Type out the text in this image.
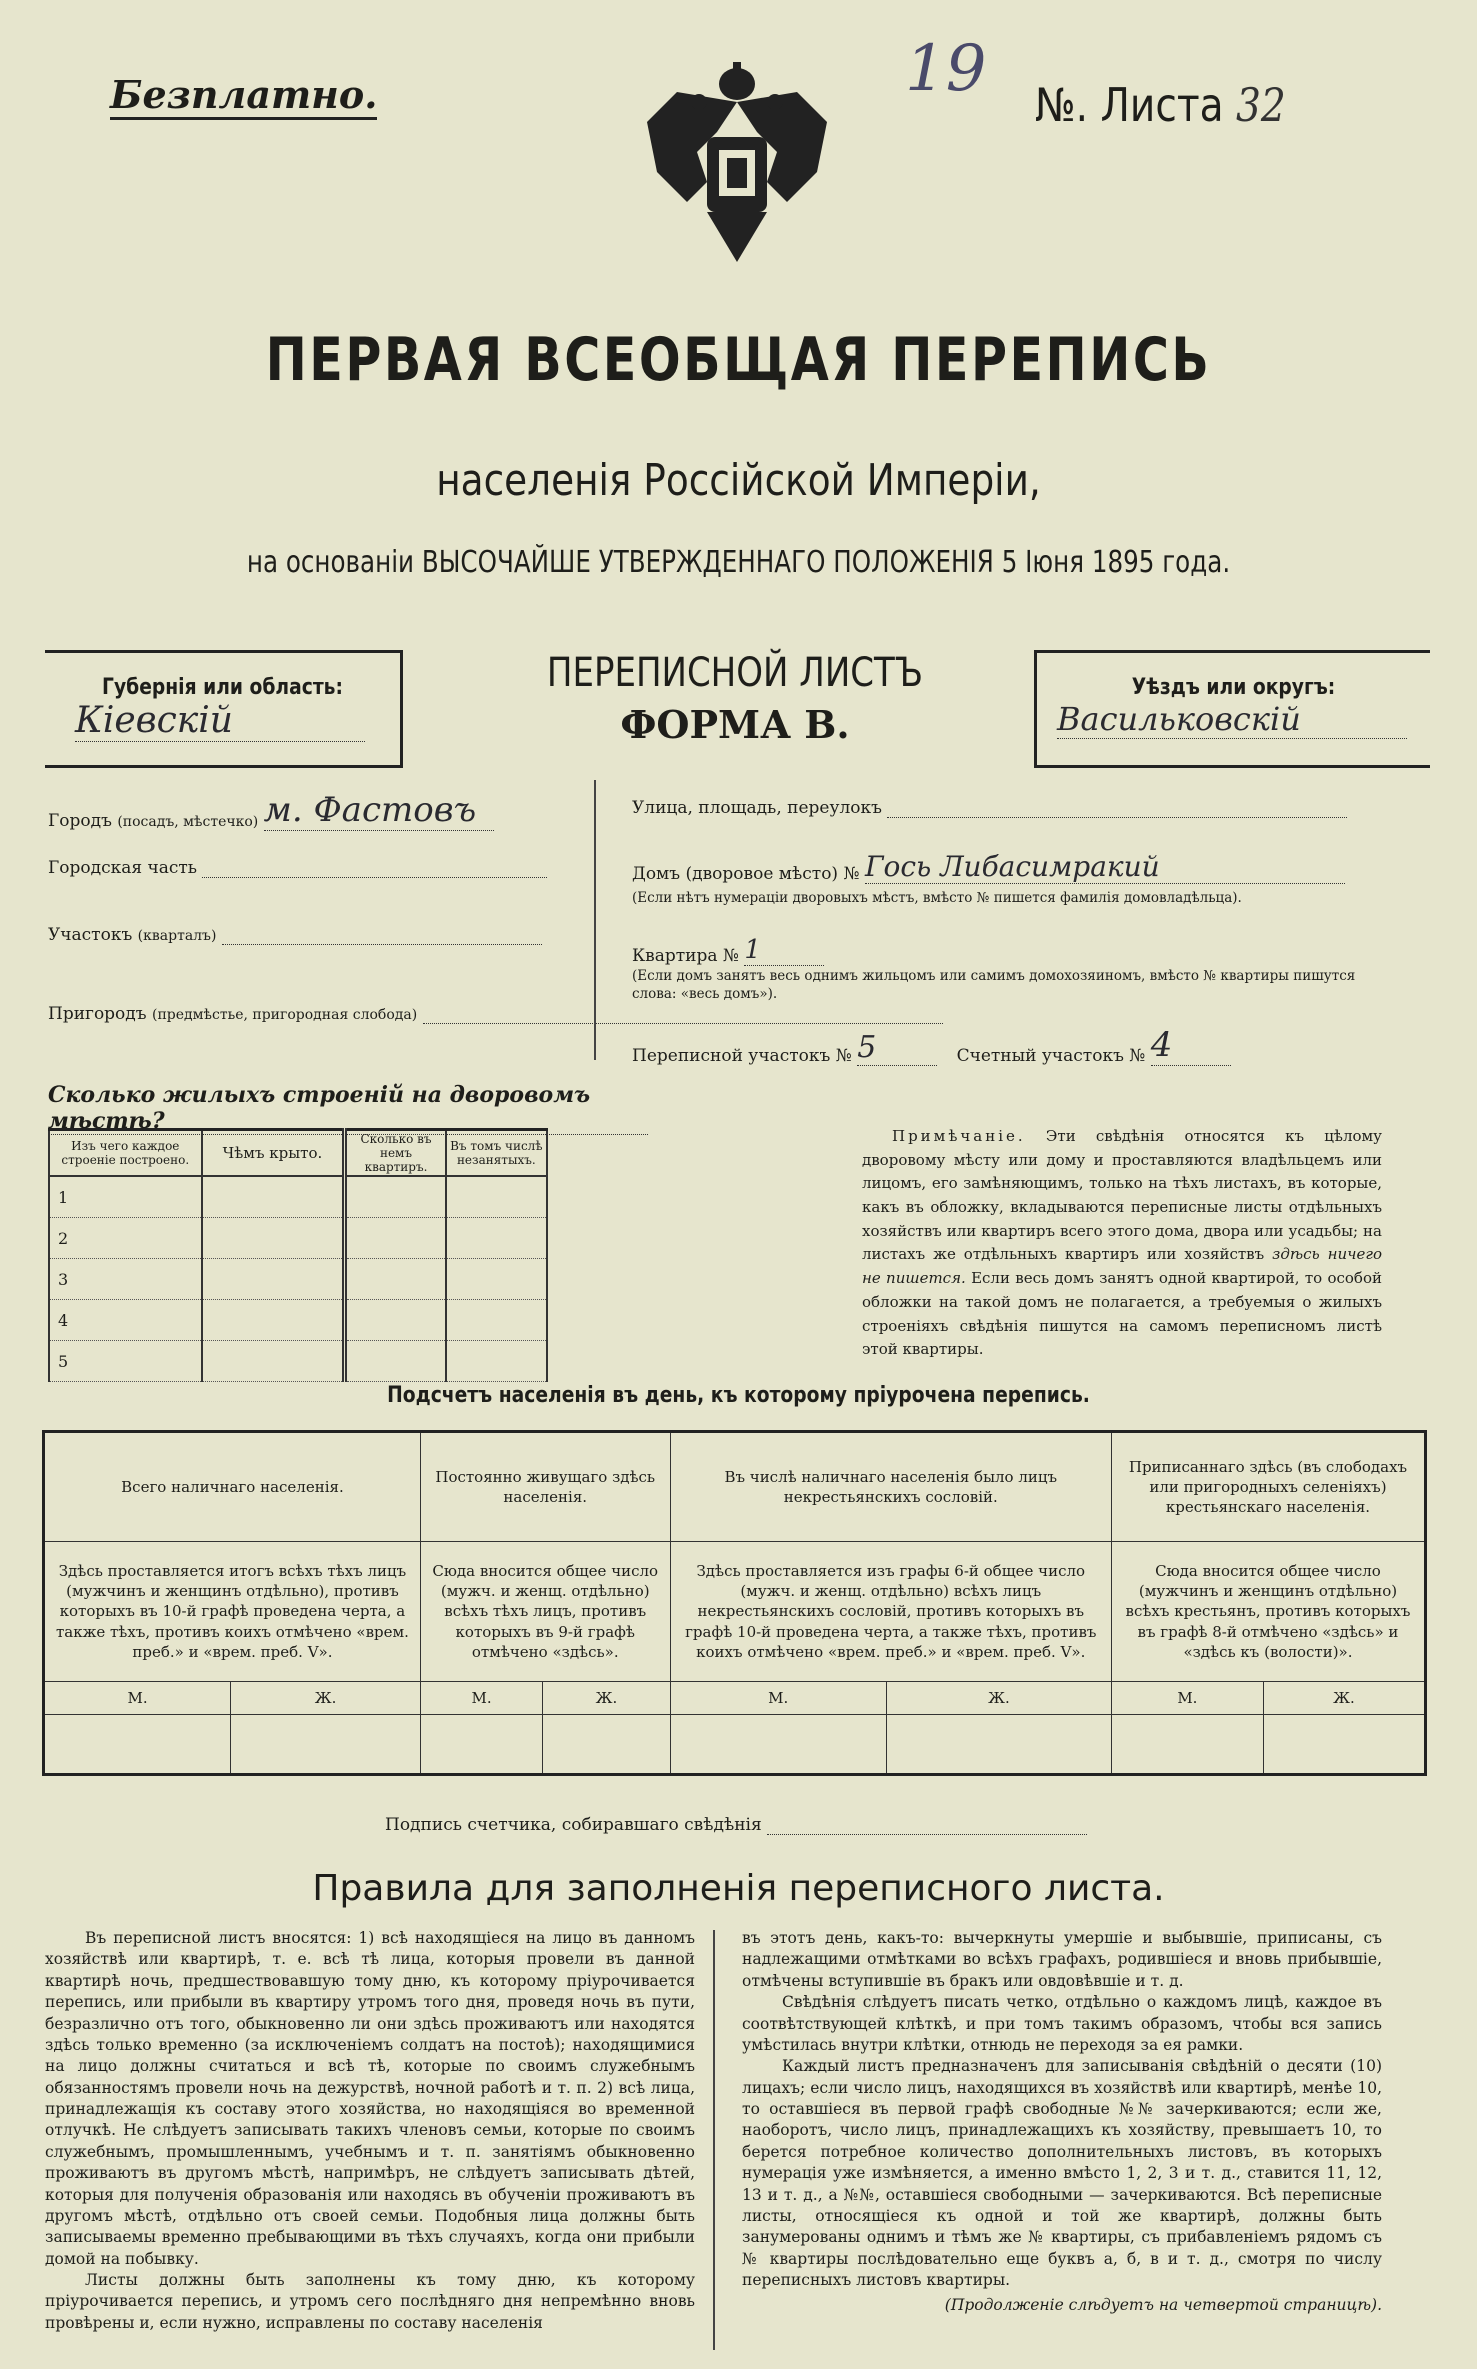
Безплатно.	19 №. Листа 32
ПЕРВАЯ ВСЕОБЩАЯ ПЕРЕПИСЬ
населенія Россійской Имперіи,
на основаніи ВЫСОЧАЙШЕ УТВЕРЖДЕННАГО ПОЛОЖЕНІЯ 5 Іюня 1895 года.
Губернія или область:
Кіевскій
ПЕРЕПИСНОЙ ЛИСТЪ
ФОРМА В.
Уѣздъ или округъ:
Васильковскій
Городъ (посадъ, мѣстечко) м. Фастовъ
Городская часть
Участокъ (кварталъ)
Пригородъ (предмѣстье, пригородная слобода)
Улица, площадь, переулокъ
Домъ (дворовое мѣсто) № Гось Либасимракий
(Если нѣтъ нумераціи дворовыхъ мѣстъ, вмѣсто № пишется фамилія домовладѣльца).
Квартира № 1
(Если домъ занятъ весь однимъ жильцомъ или самимъ домохозяиномъ, вмѣсто № квартиры пишутся слова: «весь домъ»).
Переписной участокъ № 5	Счетный участокъ № 4
Сколько жилыхъ строеній на дворовомъ мѣстѣ?
Изъ чего каждое строеніе построено.	Чѣмъ крыто.	Сколько въ немъ квартиръ.	Въ томъ числѣ незанятыхъ.
1			
2			
3			
4			
5			
Примѣчаніе. Эти свѣдѣнія относятся къ цѣлому дворовому мѣсту или дому и проставляются владѣльцемъ или лицомъ, его замѣняющимъ, только на тѣхъ листахъ, въ которые, какъ въ обложку, вкладываются переписные листы отдѣльныхъ хозяйствъ или квартиръ всего этого дома, двора или усадьбы; на листахъ же отдѣльныхъ квартиръ или хозяйствъ здѣсь ничего не пишется. Если весь домъ занятъ одной квартирой, то особой обложки на такой домъ не полагается, а требуемыя о жилыхъ строеніяхъ свѣдѣнія пишутся на самомъ переписномъ листѣ этой квартиры.
Подсчетъ населенія въ день, къ которому пріурочена перепись.
Всего наличнаго населенія.		Постоянно живущаго здѣсь населенія.		Въ числѣ наличнаго населенія было лицъ некрестьянскихъ сословій.		Приписаннаго здѣсь (въ слободахъ или пригородныхъ селеніяхъ) крестьянскаго населенія.	
Здѣсь проставляется итогъ всѣхъ тѣхъ лицъ (мужчинъ и женщинъ отдѣльно), противъ которыхъ въ 10-й графѣ проведена черта, а также тѣхъ, противъ коихъ отмѣчено «врем. преб.» и «врем. преб. V».		Сюда вносится общее число (мужч. и женщ. отдѣльно) всѣхъ тѣхъ лицъ, противъ которыхъ въ 9-й графѣ отмѣчено «здѣсь».		Здѣсь проставляется изъ графы 6-й общее число (мужч. и женщ. отдѣльно) всѣхъ лицъ некрестьянскихъ сословій, противъ которыхъ въ графѣ 10-й проведена черта, а также тѣхъ, противъ коихъ отмѣчено «врем. преб.» и «врем. преб. V».		Сюда вносится общее число (мужчинъ и женщинъ отдѣльно) всѣхъ крестьянъ, противъ которыхъ въ графѣ 8-й отмѣчено «здѣсь» и «здѣсь къ (волости)».	
М.	Ж.	М.	Ж.	М.	Ж.	М.	Ж.

Подпись счетчика, собиравшаго свѣдѣнія
Правила для заполненія переписного листа.

Въ переписной листъ вносятся: 1) всѣ находящіеся на лицо въ данномъ хозяйствѣ или квартирѣ, т. е. всѣ тѣ лица, которыя провели въ данной квартирѣ ночь, предшествовавшую тому дню, къ которому пріурочивается перепись, или прибыли въ квартиру утромъ того дня, проведя ночь въ пути, безразлично отъ того, обыкновенно ли они здѣсь проживаютъ или находятся здѣсь только временно (за исключеніемъ солдатъ на постоѣ); находящимися на лицо должны считаться и всѣ тѣ, которые по своимъ служебнымъ обязанностямъ провели ночь на дежурствѣ, ночной работѣ и т. п. 2) всѣ лица, принадлежащія къ составу этого хозяйства, но находящіяся во временной отлучкѣ. Не слѣдуетъ записывать такихъ членовъ семьи, которые по своимъ служебнымъ, промышленнымъ, учебнымъ и т. п. занятіямъ обыкновенно проживаютъ въ другомъ мѣстѣ, напримѣръ, не слѣдуетъ записывать дѣтей, которыя для полученія образованія или находясь въ обученіи проживаютъ въ другомъ мѣстѣ, отдѣльно отъ своей семьи. Подобныя лица должны быть записываемы временно пребывающими въ тѣхъ случаяхъ, когда они прибыли домой на побывку.

Листы должны быть заполнены къ тому дню, къ которому пріурочивается перепись, и утромъ сего послѣдняго дня непремѣнно вновь провѣрены и, если нужно, исправлены по составу населенія

въ этотъ день, какъ-то: вычеркнуты умершіе и выбывшіе, приписаны, съ надлежащими отмѣтками во всѣхъ графахъ, родившіеся и вновь прибывшіе, отмѣчены вступившіе въ бракъ или овдовѣвшіе и т. д.

Свѣдѣнія слѣдуетъ писать четко, отдѣльно о каждомъ лицѣ, каждое въ соотвѣтствующей клѣткѣ, и при томъ такимъ образомъ, чтобы вся запись умѣстилась внутри клѣтки, отнюдь не переходя за ея рамки.

Каждый листъ предназначенъ для записыванія свѣдѣній о десяти (10) лицахъ; если число лицъ, находящихся въ хозяйствѣ или квартирѣ, менѣе 10, то оставшіеся въ первой графѣ свободные №№ зачеркиваются; если же, наоборотъ, число лицъ, принадлежащихъ къ хозяйству, превышаетъ 10, то берется потребное количество дополнительныхъ листовъ, въ которыхъ нумерація уже измѣняется, а именно вмѣсто 1, 2, 3 и т. д., ставится 11, 12, 13 и т. д., а №№, оставшіеся свободными — зачеркиваются. Всѣ переписные листы, относящіеся къ одной и той же квартирѣ, должны быть занумерованы однимъ и тѣмъ же № квартиры, съ прибавленіемъ рядомъ съ № квартиры послѣдовательно еще буквъ а, б, в и т. д., смотря по числу переписныхъ листовъ квартиры.

(Продолженіе слѣдуетъ на четвертой страницѣ).
